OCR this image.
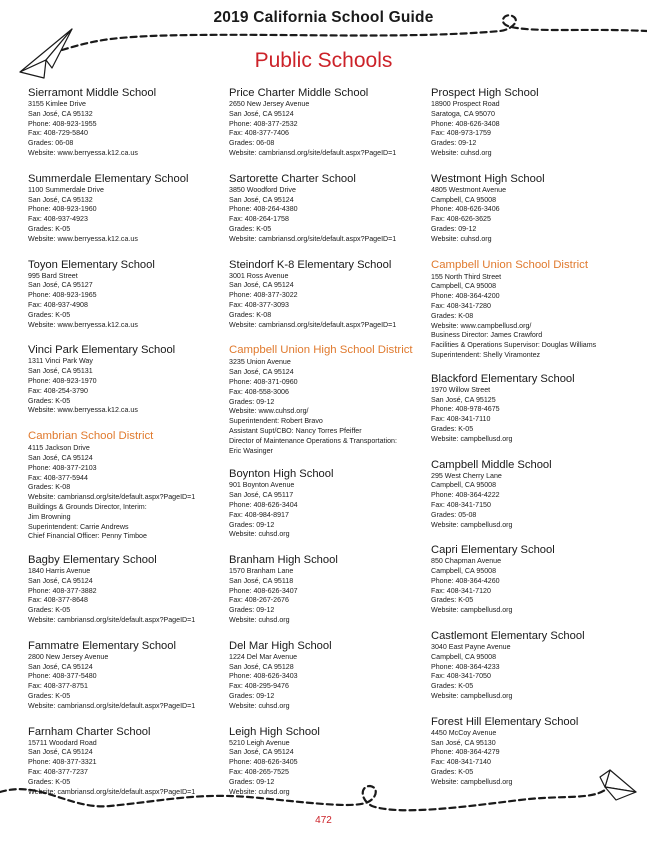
2019 California School Guide
Public Schools
Sierramont Middle School
3155 Kimlee Drive
San José, CA 95132
Phone: 408-923-1955
Fax: 408-729-5840
Grades: 06-08
Website: www.berryessa.k12.ca.us
Summerdale Elementary School
1100 Summerdale Drive
San José, CA 95132
Phone: 408-923-1960
Fax: 408-937-4923
Grades: K-05
Website: www.berryessa.k12.ca.us
Toyon Elementary School
995 Bard Street
San José, CA 95127
Phone: 408-923-1965
Fax: 408-937-4908
Grades: K-05
Website: www.berryessa.k12.ca.us
Vinci Park Elementary School
1311 Vinci Park Way
San José, CA 95131
Phone: 408-923-1970
Fax: 408-254-3790
Grades: K-05
Website: www.berryessa.k12.ca.us
Cambrian School District
4115 Jackson Drive
San José, CA 95124
Phone: 408-377-2103
Fax: 408-377-5944
Grades: K-08
Website: cambriansd.org/site/default.aspx?PageID=1
Buildings & Grounds Director, Interim:
Jim Browning
Superintendent: Carrie Andrews
Chief Financial Officer: Penny Timboe
Bagby Elementary School
1840 Harris Avenue
San José, CA 95124
Phone: 408-377-3882
Fax: 408-377-8648
Grades: K-05
Website: cambriansd.org/site/default.aspx?PageID=1
Fammatre Elementary School
2800 New Jersey Avenue
San José, CA 95124
Phone: 408-377-5480
Fax: 408-377-8751
Grades: K-05
Website: cambriansd.org/site/default.aspx?PageID=1
Farnham Charter School
15711 Woodard Road
San José, CA 95124
Phone: 408-377-3321
Fax: 408-377-7237
Grades: K-05
Website: cambriansd.org/site/default.aspx?PageID=1
Price Charter Middle School
2650 New Jersey Avenue
San José, CA 95124
Phone: 408-377-2532
Fax: 408-377-7406
Grades: 06-08
Website: cambriansd.org/site/default.aspx?PageID=1
Sartorette Charter School
3850 Woodford Drive
San José, CA 95124
Phone: 408-264-4380
Fax: 408-264-1758
Grades: K-05
Website: cambriansd.org/site/default.aspx?PageID=1
Steindorf K-8 Elementary School
3001 Ross Avenue
San José, CA 95124
Phone: 408-377-3022
Fax: 408-377-3093
Grades: K-08
Website: cambriansd.org/site/default.aspx?PageID=1
Campbell Union High School District
3235 Union Avenue
San José, CA 95124
Phone: 408-371-0960
Fax: 408-558-3006
Grades: 09-12
Website: www.cuhsd.org/
Superintendent: Robert Bravo
Assistant Supt/CBO: Nancy Torres Pfeiffer
Director of Maintenance Operations & Transportation:
Eric Wasinger
Boynton High School
901 Boynton Avenue
San José, CA 95117
Phone: 408-626-3404
Fax: 408-984-8917
Grades: 09-12
Website: cuhsd.org
Branham High School
1570 Branham Lane
San José, CA 95118
Phone: 408-626-3407
Fax: 408-267-2676
Grades: 09-12
Website: cuhsd.org
Del Mar High School
1224 Del Mar Avenue
San José, CA 95128
Phone: 408-626-3403
Fax: 408-295-9476
Grades: 09-12
Website: cuhsd.org
Leigh High School
5210 Leigh Avenue
San José, CA 95124
Phone: 408-626-3405
Fax: 408-265-7525
Grades: 09-12
Website: cuhsd.org
Prospect High School
18900 Prospect Road
Saratoga, CA 95070
Phone: 408-626-3408
Fax: 408-973-1759
Grades: 09-12
Website: cuhsd.org
Westmont High School
4805 Westmont Avenue
Campbell, CA 95008
Phone: 408-626-3406
Fax: 408-626-3625
Grades: 09-12
Website: cuhsd.org
Campbell Union School District
155 North Third Street
Campbell, CA 95008
Phone: 408-364-4200
Fax: 408-341-7280
Grades: K-08
Website: www.campbellusd.org/
Business Director: James Crawford
Facilities & Operations Supervisor: Douglas Williams
Superintendent: Shelly Viramontez
Blackford Elementary School
1970 Willow Street
San José, CA 95125
Phone: 408-978-4675
Fax: 408-341-7110
Grades: K-05
Website: campbellusd.org
Campbell Middle School
295 West Cherry Lane
Campbell, CA 95008
Phone: 408-364-4222
Fax: 408-341-7150
Grades: 05-08
Website: campbellusd.org
Capri Elementary School
850 Chapman Avenue
Campbell, CA 95008
Phone: 408-364-4260
Fax: 408-341-7120
Grades: K-05
Website: campbellusd.org
Castlemont Elementary School
3040 East Payne Avenue
Campbell, CA 95008
Phone: 408-364-4233
Fax: 408-341-7050
Grades: K-05
Website: campbellusd.org
Forest Hill Elementary School
4450 McCoy Avenue
San José, CA 95130
Phone: 408-364-4279
Fax: 408-341-7140
Grades: K-05
Website: campbellusd.org
472
